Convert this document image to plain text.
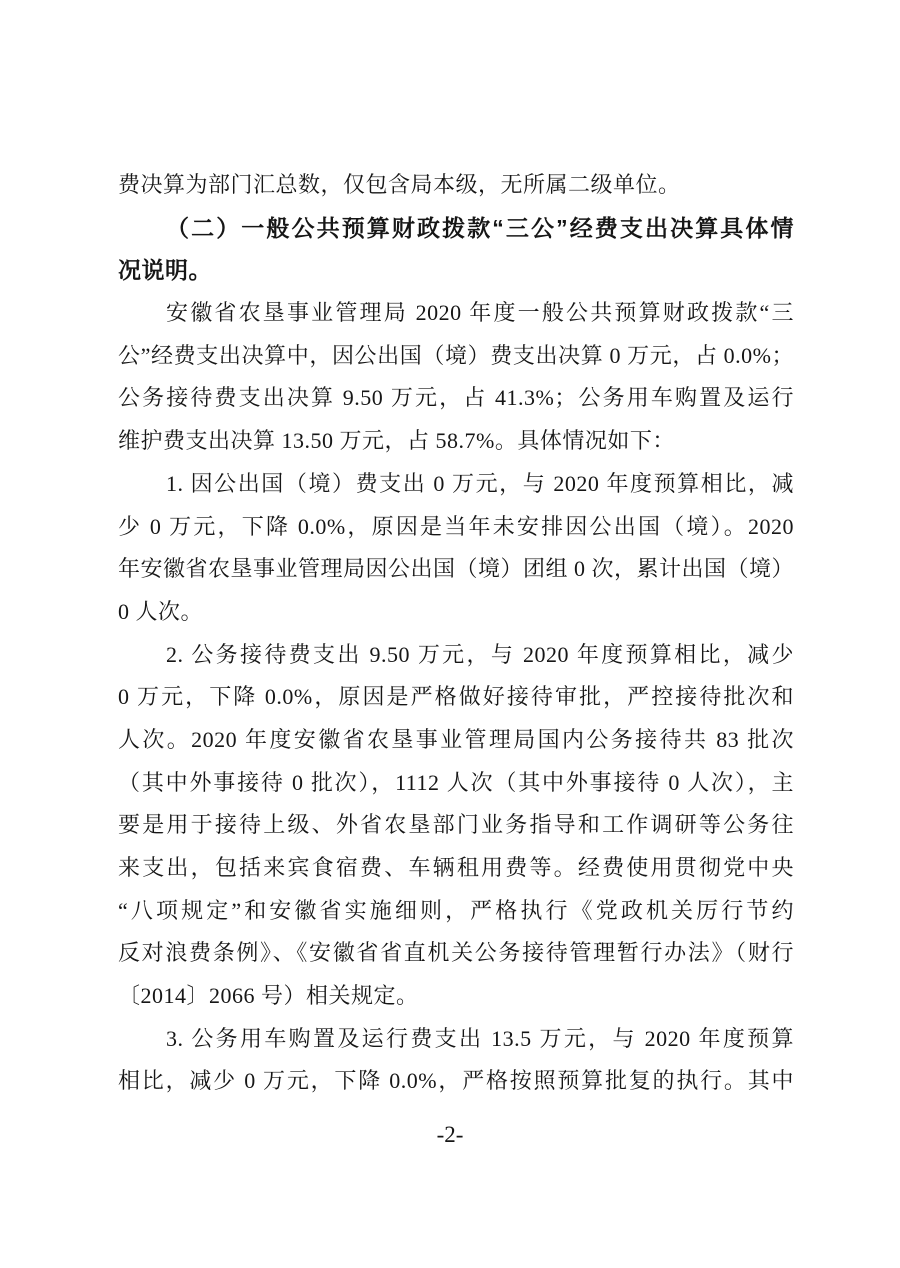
费决算为部门汇总数，仅包含局本级，无所属二级单位。
（二）一般公共预算财政拨款“三公”经费支出决算具体情
况说明。
安徽省农垦事业管理局 2020 年度一般公共预算财政拨款“三
公”经费支出决算中，因公出国（境）费支出决算 0 万元，占 0.0%；
公务接待费支出决算 9.50 万元，占 41.3%；公务用车购置及运行
维护费支出决算 13.50 万元，占 58.7%。具体情况如下：
1. 因公出国（境）费支出 0 万元，与 2020 年度预算相比，减
少 0 万元，下降 0.0%，原因是当年未安排因公出国（境）。2020
年安徽省农垦事业管理局因公出国（境）团组 0 次，累计出国（境）
0 人次。
2. 公务接待费支出 9.50 万元，与 2020 年度预算相比，减少
0 万元，下降 0.0%，原因是严格做好接待审批，严控接待批次和
人次。2020 年度安徽省农垦事业管理局国内公务接待共 83 批次
（其中外事接待 0 批次），1112 人次（其中外事接待 0 人次），主
要是用于接待上级、外省农垦部门业务指导和工作调研等公务往
来支出，包括来宾食宿费、车辆租用费等。经费使用贯彻党中央
“八项规定”和安徽省实施细则，严格执行《党政机关厉行节约
反对浪费条例》、《安徽省省直机关公务接待管理暂行办法》（财行
〔2014〕2066 号）相关规定。
3. 公务用车购置及运行费支出 13.5 万元，与 2020 年度预算
相比，减少 0 万元，下降 0.0%，严格按照预算批复的执行。其中
-2-
